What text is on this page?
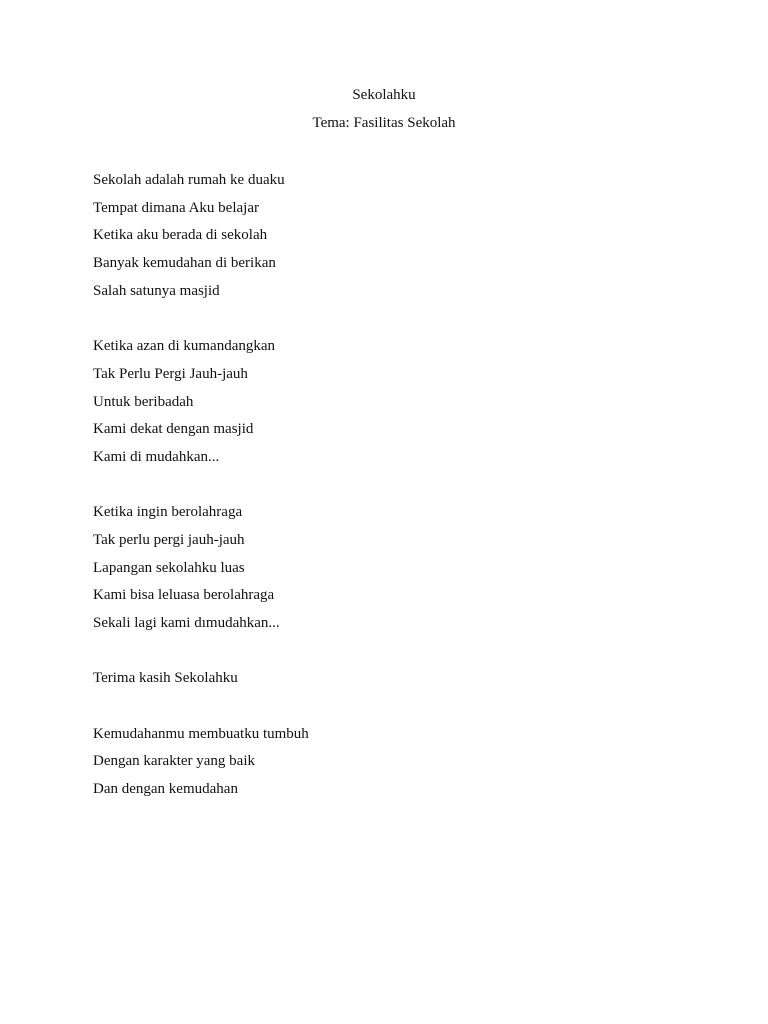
Sekolahku
Tema: Fasilitas Sekolah
Sekolah adalah rumah ke duaku
Tempat dimana Aku belajar
Ketika aku berada di sekolah
Banyak kemudahan di berikan
Salah satunya masjid
Ketika azan di kumandangkan
Tak Perlu Pergi Jauh-jauh
Untuk beribadah
Kami dekat dengan masjid
Kami di mudahkan...
Ketika ingin berolahraga
Tak perlu pergi jauh-jauh
Lapangan sekolahku luas
Kami bisa leluasa berolahraga
Sekali lagi kami dımudahkan...
Terima kasih Sekolahku
Kemudahanmu membuatku tumbuh
Dengan karakter yang baik
Dan dengan kemudahan
